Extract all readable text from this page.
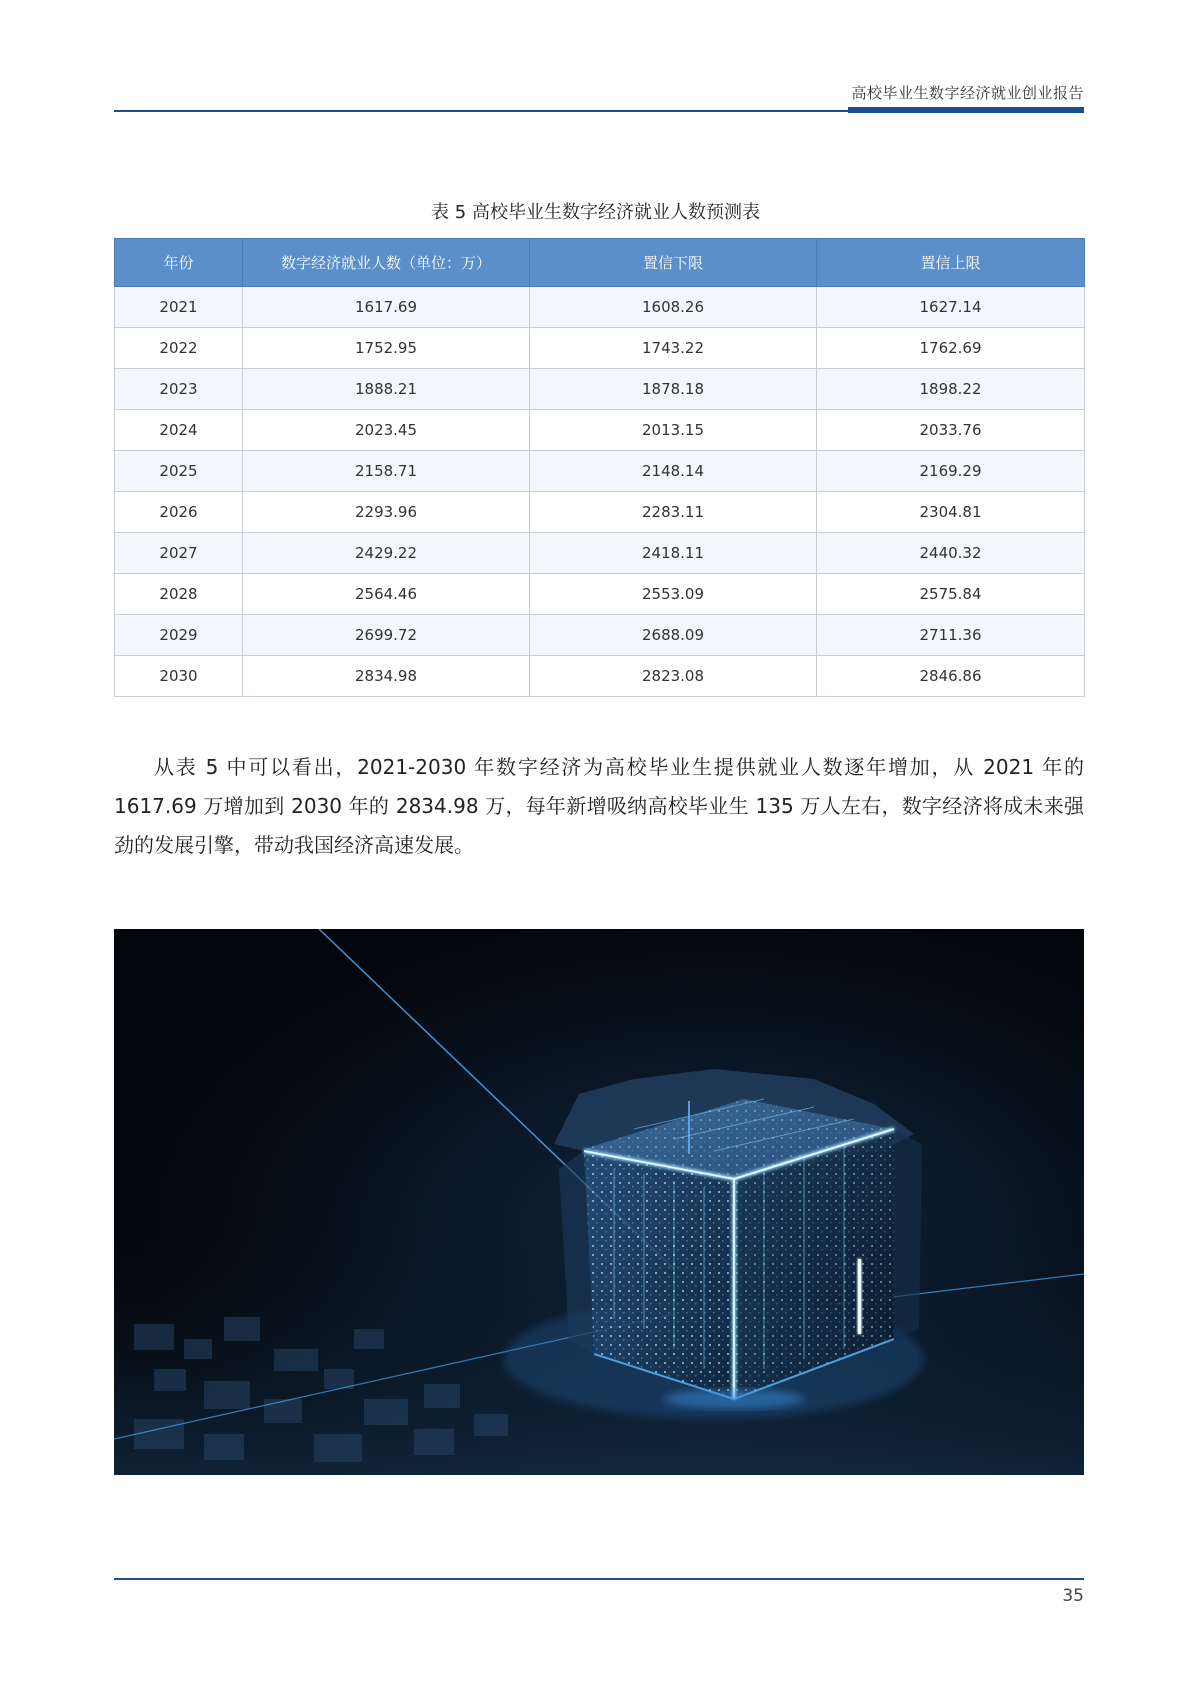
高校毕业生数字经济就业创业报告
表 5 高校毕业生数字经济就业人数预测表
年份	数字经济就业人数（单位：万）	置信下限	置信上限
2021	1617.69	1608.26	1627.14
2022	1752.95	1743.22	1762.69
2023	1888.21	1878.18	1898.22
2024	2023.45	2013.15	2033.76
2025	2158.71	2148.14	2169.29
2026	2293.96	2283.11	2304.81
2027	2429.22	2418.11	2440.32
2028	2564.46	2553.09	2575.84
2029	2699.72	2688.09	2711.36
2030	2834.98	2823.08	2846.86

从表 5 中可以看出，2021-2030 年数字经济为高校毕业生提供就业人数逐年增加，从 2021 年的 1617.69 万增加到 2030 年的 2834.98 万，每年新增吸纳高校毕业生 135 万人左右，数字经济将成未来强劲的发展引擎，带动我国经济高速发展。

35
